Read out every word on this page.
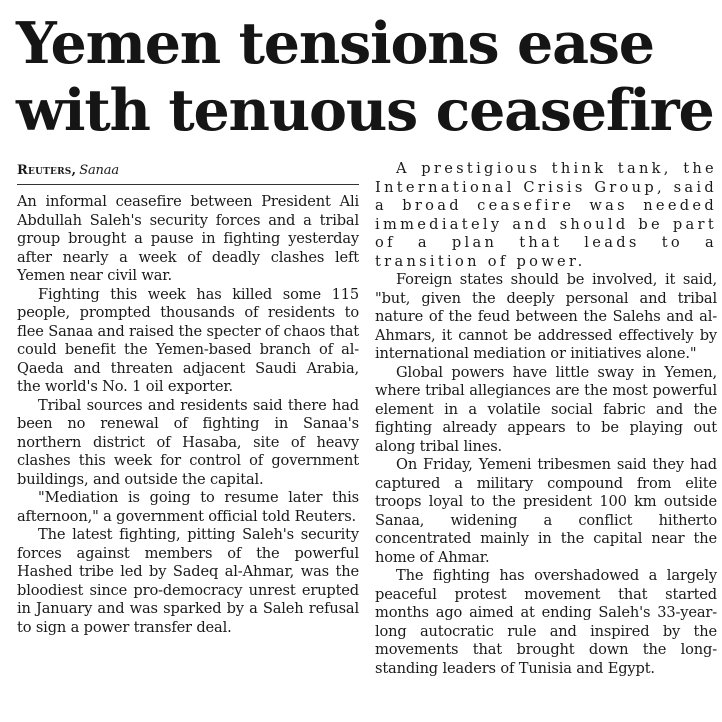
Yemen tensions ease
with tenuous ceasefire
Reuters, Sanaa

An informal ceasefire between President Ali Abdullah Saleh's security forces and a tribal group brought a pause in fighting yesterday after nearly a week of deadly clashes left Yemen near civil war.

Fighting this week has killed some 115 people, prompted thousands of residents to flee Sanaa and raised the specter of chaos that could benefit the Yemen-based branch of al-Qaeda and threaten adjacent Saudi Arabia, the world's No. 1 oil exporter.

Tribal sources and residents said there had been no renewal of fighting in Sanaa's northern district of Hasaba, site of heavy clashes this week for control of government buildings, and outside the capital.

"Mediation is going to resume later this afternoon," a government official told Reuters.

The latest fighting, pitting Saleh's security forces against members of the powerful Hashed tribe led by Sadeq al-Ahmar, was the bloodiest since pro-democracy unrest erupted in January and was sparked by a Saleh refusal to sign a power transfer deal.

A prestigious think tank, the International Crisis Group, said a broad ceasefire was needed immediately and should be part of a plan that leads to a transition of power.

Foreign states should be involved, it said, "but, given the deeply personal and tribal nature of the feud between the Salehs and al-Ahmars, it cannot be addressed effectively by international mediation or initiatives alone."

Global powers have little sway in Yemen, where tribal allegiances are the most powerful element in a volatile social fabric and the fighting already appears to be playing out along tribal lines.

On Friday, Yemeni tribesmen said they had captured a military compound from elite troops loyal to the president 100 km outside Sanaa, widening a conflict hitherto concentrated mainly in the capital near the home of Ahmar.

The fighting has overshadowed a largely peaceful protest movement that started months ago aimed at ending Saleh's 33-year-long autocratic rule and inspired by the movements that brought down the long-standing leaders of Tunisia and Egypt.
